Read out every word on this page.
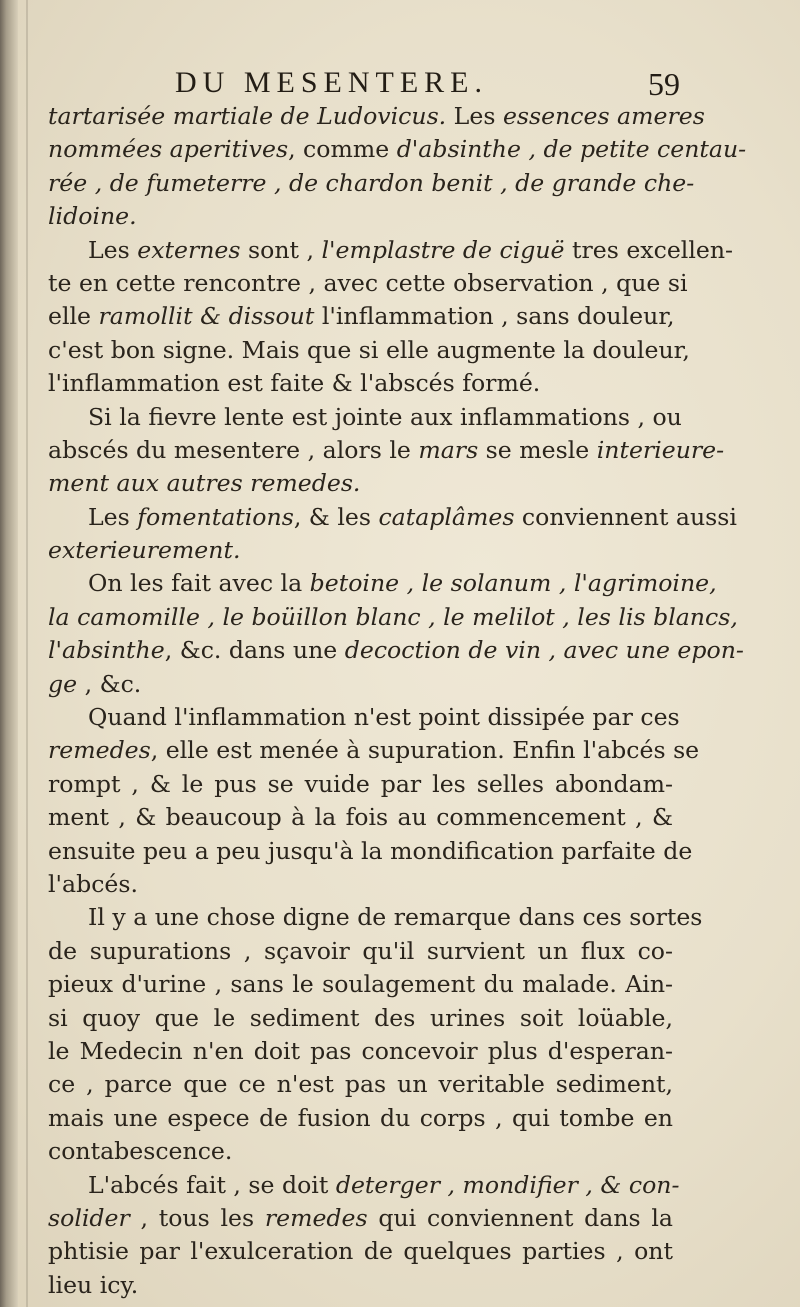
DU MESENTERE.	59
tartarisée martiale de Ludovicus. Les essences ameres
nommées aperitives, comme d'absinthe , de petite centau-
rée , de fumeterre , de chardon benit , de grande che-
lidoine.
Les externes sont , l'emplastre de ciguë tres excellen-
te en cette rencontre , avec cette observation , que si
elle ramollit & dissout l'inflammation , sans douleur,
c'est bon signe. Mais que si elle augmente la douleur,
l'inflammation est faite & l'abscés formé.
Si la fievre lente est jointe aux inflammations , ou
abscés du mesentere , alors le mars se mesle interieure-
ment aux autres remedes.
Les fomentations, & les cataplâmes conviennent aussi
exterieurement.
On les fait avec la betoine , le solanum , l'agrimoine,
la camomille , le boüillon blanc , le melilot , les lis blancs,
l'absinthe, &c. dans une decoction de vin , avec une epon-
ge , &c.
Quand l'inflammation n'est point dissipée par ces
remedes, elle est menée à supuration. Enfin l'abcés se
rompt , & le pus se vuide par les selles abondam-
ment , & beaucoup à la fois au commencement , &
ensuite peu a peu jusqu'à la mondification parfaite de
l'abcés.
Il y a une chose digne de remarque dans ces sortes
de supurations , sçavoir qu'il survient un flux co-
pieux d'urine , sans le soulagement du malade. Ain-
si quoy que le sediment des urines soit loüable,
le Medecin n'en doit pas concevoir plus d'esperan-
ce , parce que ce n'est pas un veritable sediment,
mais une espece de fusion du corps , qui tombe en
contabescence.
L'abcés fait , se doit deterger , mondifier , & con-
solider , tous les remedes qui conviennent dans la
phtisie par l'exulceration de quelques parties , ont
lieu icy.
